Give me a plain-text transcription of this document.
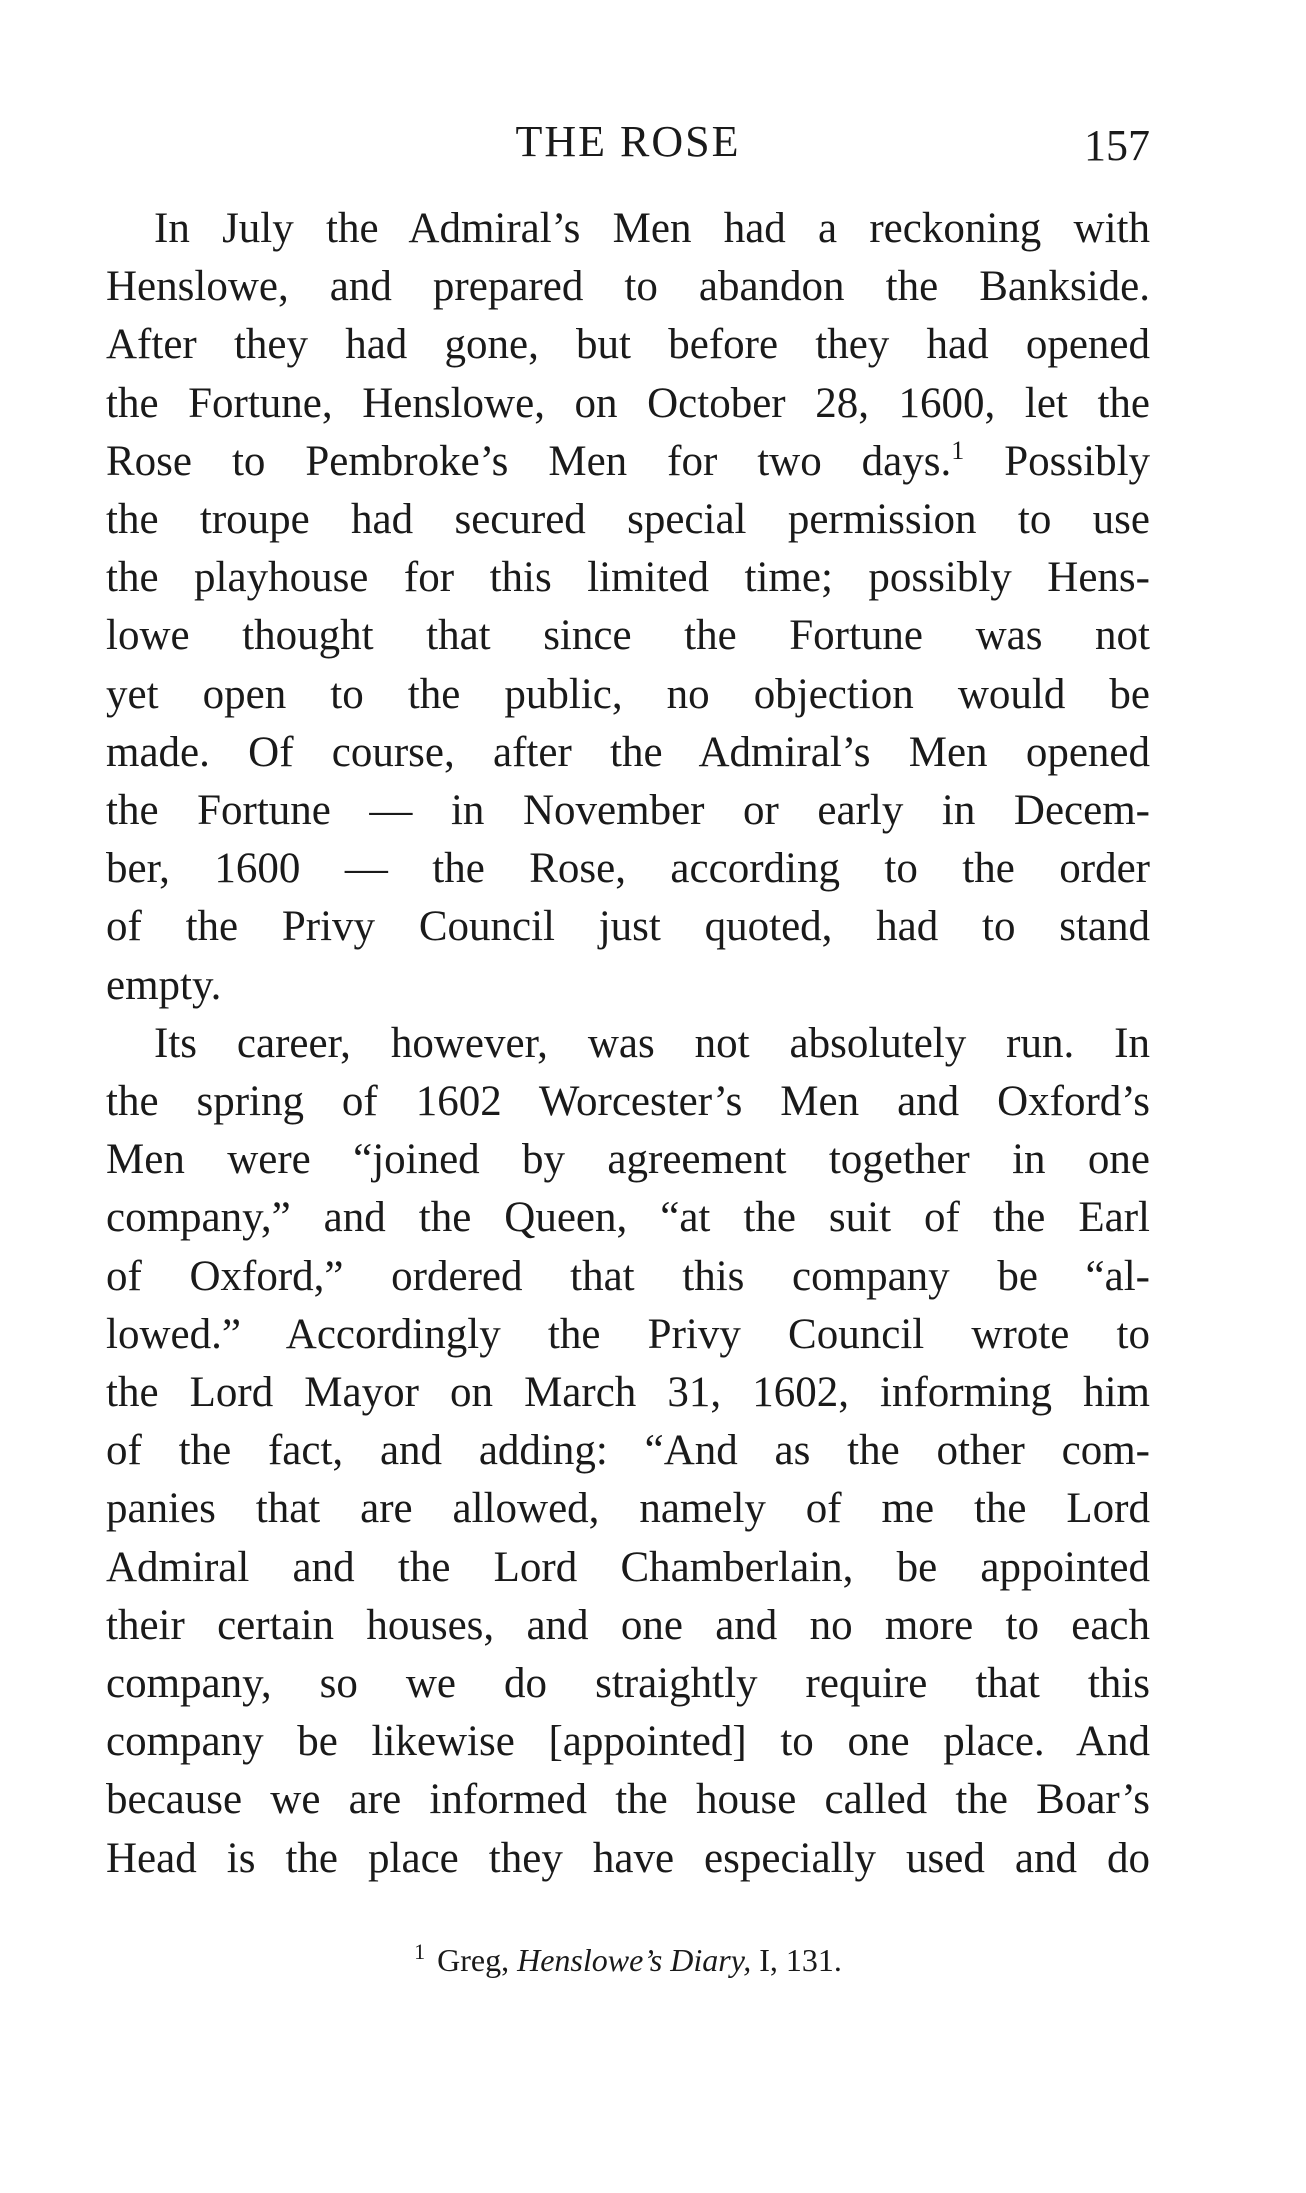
THE ROSE	157

In July the Admiral’s Men had a reckoning with
Henslowe, and prepared to abandon the Bankside.
After they had gone, but before they had opened
the Fortune, Henslowe, on October 28, 1600, let the
Rose to Pembroke’s Men for two days.$^1$ Possibly
the troupe had secured special permission to use
the playhouse for this limited time; possibly Hens-
lowe thought that since the Fortune was not
yet open to the public, no objection would be
made. Of course, after the Admiral’s Men opened
the Fortune — in November or early in Decem-
ber, 1600 — the Rose, according to the order
of the Privy Council just quoted, had to stand
empty.

Its career, however, was not absolutely run. In
the spring of 1602 Worcester’s Men and Oxford’s
Men were “joined by agreement together in one
company,” and the Queen, “at the suit of the Earl
of Oxford,” ordered that this company be “al-
lowed.” Accordingly the Privy Council wrote to
the Lord Mayor on March 31, 1602, informing him
of the fact, and adding: “And as the other com-
panies that are allowed, namely of me the Lord
Admiral and the Lord Chamberlain, be appointed
their certain houses, and one and no more to each
company, so we do straightly require that this
company be likewise [appointed] to one place. And
because we are informed the house called the Boar’s
Head is the place they have especially used and do

$^1$ Greg, Henslowe’s Diary, I, 131.
